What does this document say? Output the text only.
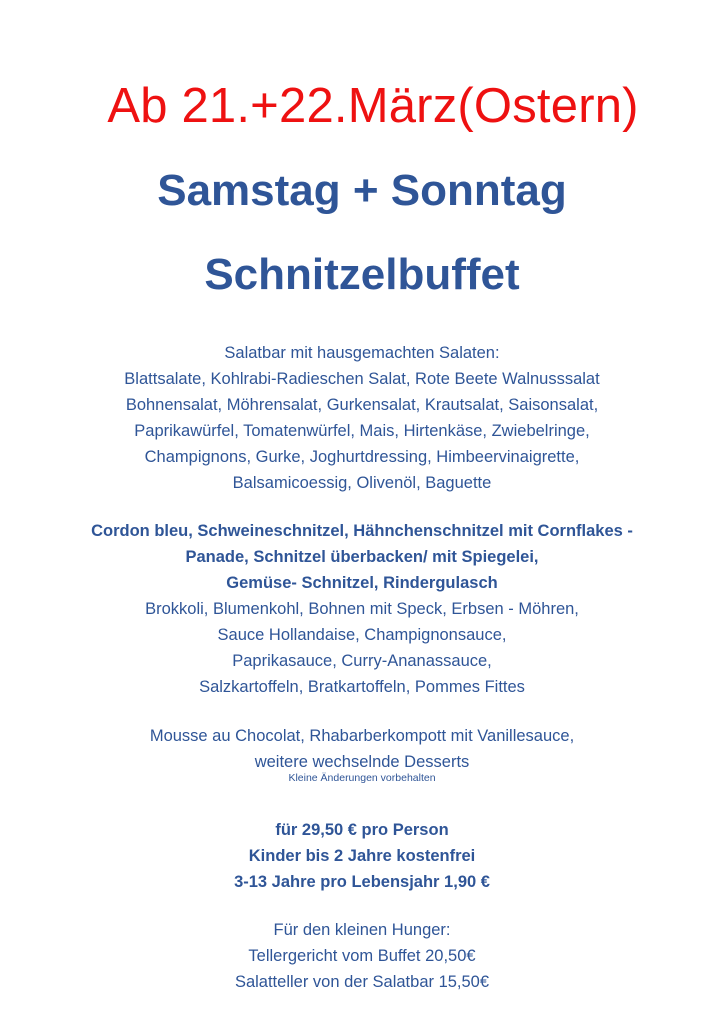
Ab 21.+22.März(Ostern)
Samstag + Sonntag
Schnitzelbuffet
Salatbar mit hausgemachten Salaten:
Blattsalate, Kohlrabi-Radieschen Salat, Rote Beete Walnusssalat
Bohnensalat, Möhrensalat, Gurkensalat, Krautsalat, Saisonsalat,
Paprikawürfel, Tomatenwürfel, Mais, Hirtenkäse, Zwiebelringe,
Champignons, Gurke, Joghurtdressing, Himbeervinaigrette,
Balsamicoessig, Olivenöl, Baguette
Cordon bleu, Schweineschnitzel, Hähnchenschnitzel mit Cornflakes -
Panade, Schnitzel überbacken/ mit Spiegelei,
Gemüse- Schnitzel, Rindergulasch
Brokkoli, Blumenkohl, Bohnen mit Speck, Erbsen - Möhren,
Sauce Hollandaise, Champignonsauce,
Paprikasauce, Curry-Ananassauce,
Salzkartoffeln, Bratkartoffeln, Pommes Fittes
Mousse au Chocolat, Rhabarberkompott mit Vanillesauce,
weitere wechselnde Desserts
Kleine Änderungen vorbehalten
für 29,50 € pro Person
Kinder bis 2 Jahre kostenfrei
3-13 Jahre pro Lebensjahr 1,90 €
Für den kleinen Hunger:
Tellergericht vom Buffet 20,50€
Salatteller von der Salatbar 15,50€
